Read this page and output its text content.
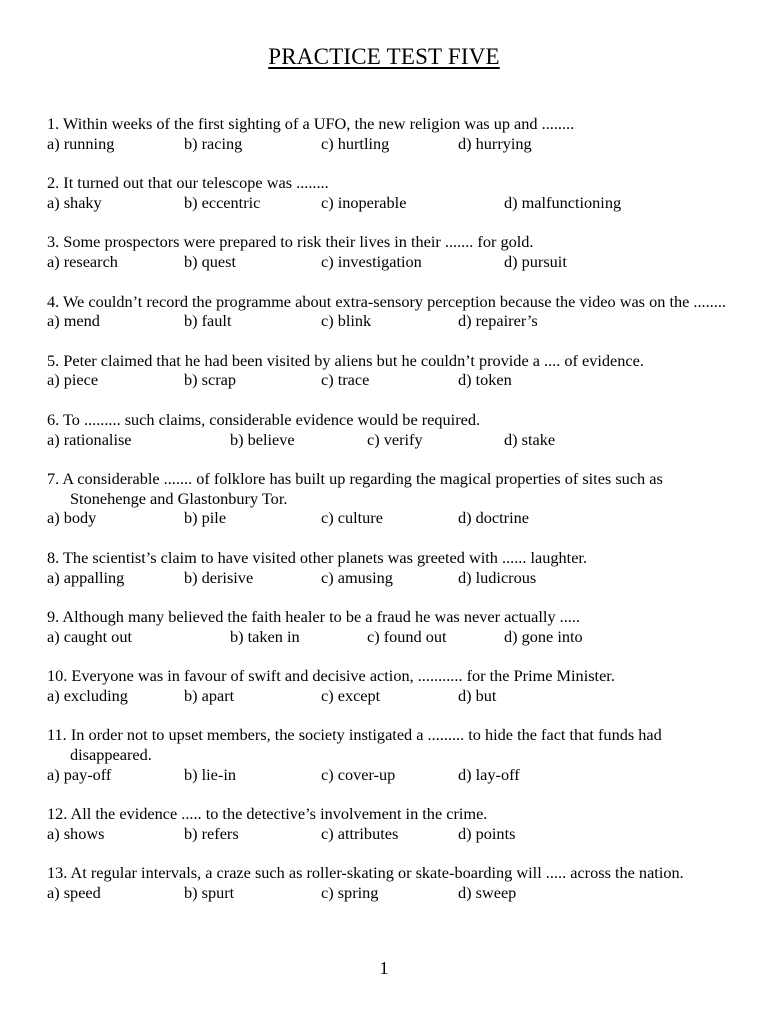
PRACTICE TEST FIVE
1. Within weeks of the first sighting of a UFO, the new religion was up and ........
a) running	b) racing	c) hurtling	d) hurrying
2. It turned out that our telescope was ........
a) shaky	b) eccentric	c) inoperable	d) malfunctioning
3. Some prospectors were prepared to risk their lives in their ....... for gold.
a) research	b) quest	c) investigation	d) pursuit
4. We couldn’t record the programme about extra-sensory perception because the video was on the ........
a) mend	b) fault	c) blink	d) repairer’s
5. Peter claimed that he had been visited by aliens but he couldn’t provide a .... of evidence.
a) piece	b) scrap	c) trace	d) token
6. To ......... such claims, considerable evidence would be required.
a) rationalise	b) believe	c) verify	d) stake
7. A considerable ....... of folklore has built up regarding the magical properties of sites such as Stonehenge and Glastonbury Tor.
a) body	b) pile	c) culture	d) doctrine
8. The scientist’s claim to have visited other planets was greeted with ...... laughter.
a) appalling	b) derisive	c) amusing	d) ludicrous
9. Although many believed the faith healer to be a fraud he was never actually .....
a) caught out	b) taken in	c) found out	d) gone into
10. Everyone was in favour of swift and decisive action, ........... for the Prime Minister.
a) excluding	b) apart	c) except	d) but
11. In order not to upset members, the society instigated a ......... to hide the fact that funds had disappeared.
a) pay-off	b) lie-in	c) cover-up	d) lay-off
12. All the evidence ..... to the detective’s involvement in the crime.
a) shows	b) refers	c) attributes	d) points
13. At regular intervals, a craze such as roller-skating or skate-boarding will ..... across the nation.
a) speed	b) spurt	c) spring	d) sweep
1
